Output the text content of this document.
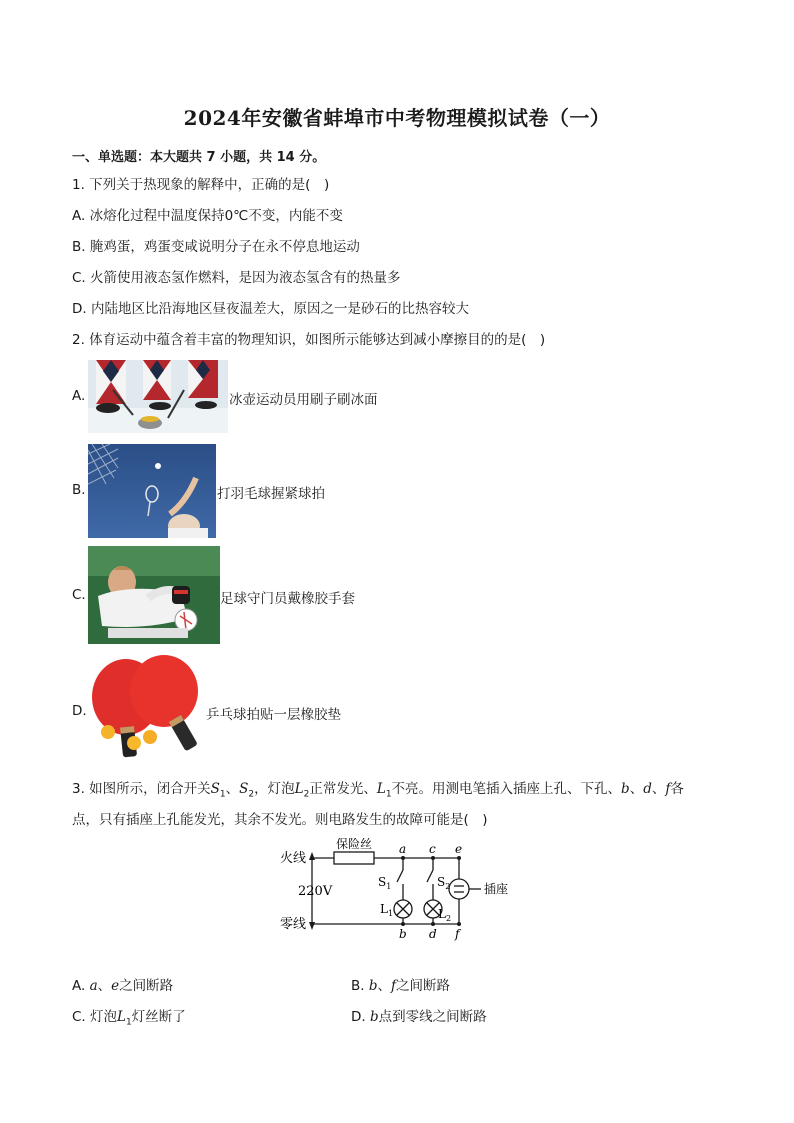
2024年安徽省蚌埠市中考物理模拟试卷（一）
一、单选题：本大题共 7 小题，共 14 分。
1. 下列关于热现象的解释中，正确的是(　)
A. 冰熔化过程中温度保持0℃不变，内能不变
B. 腌鸡蛋，鸡蛋变咸说明分子在永不停息地运动
C. 火箭使用液态氢作燃料，是因为液态氢含有的热量多
D. 内陆地区比沿海地区昼夜温差大，原因之一是砂石的比热容较大
2. 体育运动中蕴含着丰富的物理知识，如图所示能够达到减小摩擦目的的是(　)
A.	冰壶运动员用刷子刷冰面
B.	打羽毛球握紧球拍
C.	足球守门员戴橡胶手套
D.	乒乓球拍贴一层橡胶垫
3. 如图所示，闭合开关$S_1$、$S_2$，灯泡$L_2$正常发光、$L_1$不亮。用测电笔插入插座上孔、下孔、b、d、f各
点，只有插座上孔能发光，其余不发光。则电路发生的故障可能是(　)
火线
零线
220V
保险丝
插座
a c e
b d f
$S_1$	$S_2$
$L_1$	$L_2$
A. a、e之间断路	B. b、f之间断路
C. 灯泡$L_1$灯丝断了	D. b点到零线之间断路
